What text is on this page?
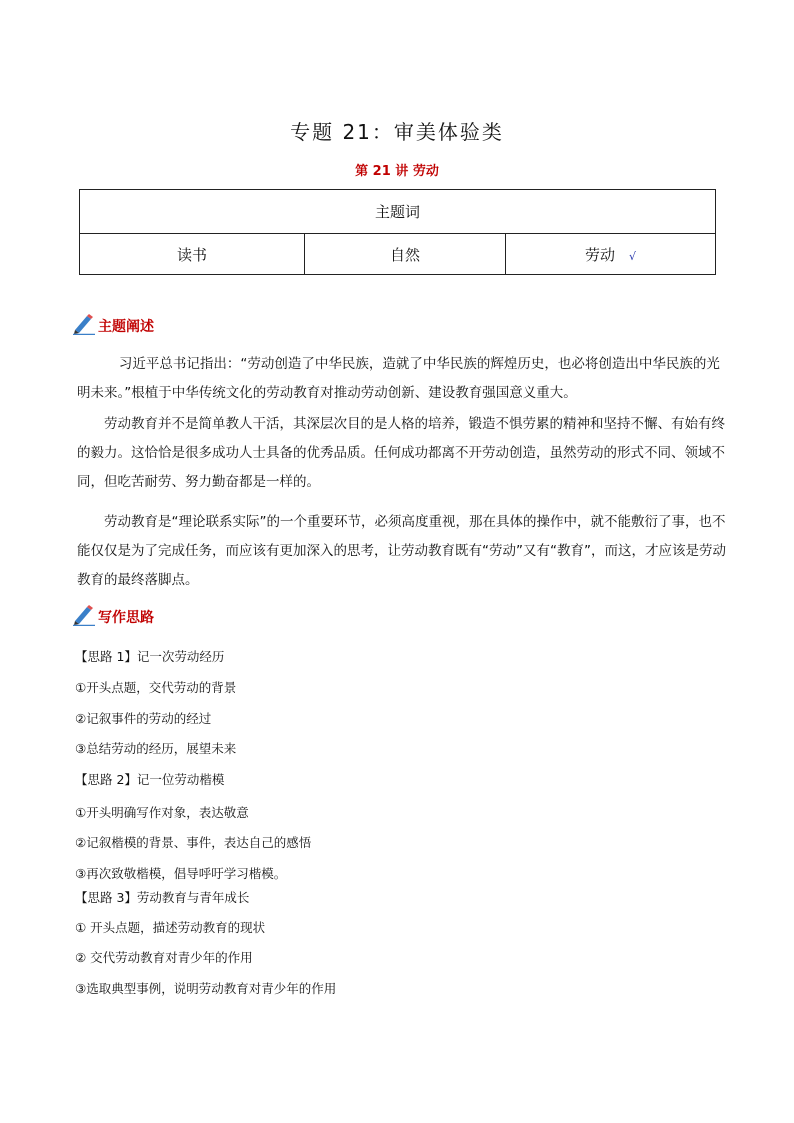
专题 21：审美体验类
第 21 讲 劳动
主题词
读书	自然	劳动 √
主题阐述
习近平总书记指出：“劳动创造了中华民族，造就了中华民族的辉煌历史，也必将创造出中华民族的光明未来。”根植于中华传统文化的劳动教育对推动劳动创新、建设教育强国意义重大。
劳动教育并不是简单教人干活，其深层次目的是人格的培养，锻造不惧劳累的精神和坚持不懈、有始有终的毅力。这恰恰是很多成功人士具备的优秀品质。任何成功都离不开劳动创造，虽然劳动的形式不同、领域不同，但吃苦耐劳、努力勤奋都是一样的。
劳动教育是“理论联系实际”的一个重要环节，必须高度重视，那在具体的操作中，就不能敷衍了事，也不能仅仅是为了完成任务，而应该有更加深入的思考，让劳动教育既有“劳动”又有“教育”，而这，才应该是劳动教育的最终落脚点。
写作思路
【思路 1】记一次劳动经历
①开头点题，交代劳动的背景
②记叙事件的劳动的经过
③总结劳动的经历，展望未来
【思路 2】记一位劳动楷模
①开头明确写作对象，表达敬意
②记叙楷模的背景、事件，表达自己的感悟
③再次致敬楷模，倡导呼吁学习楷模。
【思路 3】劳动教育与青年成长
① 开头点题，描述劳动教育的现状
② 交代劳动教育对青少年的作用
③选取典型事例，说明劳动教育对青少年的作用
